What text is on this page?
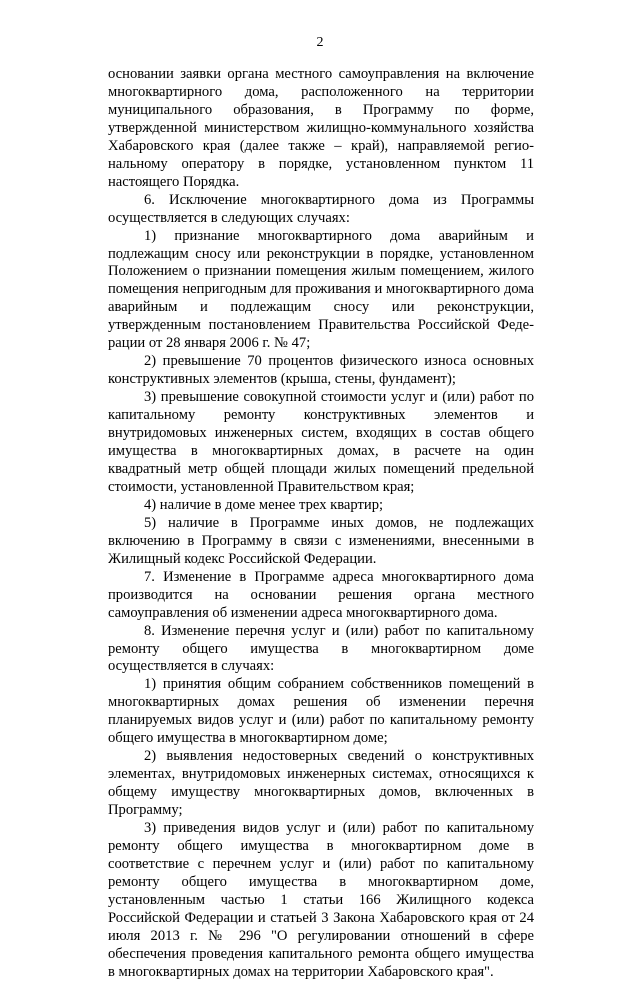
2

основании заявки органа местного самоуправления на включение многоквартирного дома, расположенного на территории муниципального образования, в Программу по форме, утвержденной министерством жилищно-коммунального хозяйства Хабаровского края (далее также – край), направляемой региональному оператору в порядке, установленном пунктом 11 настоящего Порядка.

6. Исключение многоквартирного дома из Программы осуществляется в следующих случаях:

1) признание многоквартирного дома аварийным и подлежащим сносу или реконструкции в порядке, установленном Положением о признании помещения жилым помещением, жилого помещения непригодным для проживания и многоквартирного дома аварийным и подлежащим сносу или реконструкции, утвержденным постановлением Правительства Российской Федерации от 28 января 2006 г. № 47;

2) превышение 70 процентов физического износа основных конструктивных элементов (крыша, стены, фундамент);

3) превышение совокупной стоимости услуг и (или) работ по капитальному ремонту конструктивных элементов и внутридомовых инженерных систем, входящих в состав общего имущества в многоквартирных домах, в расчете на один квадратный метр общей площади жилых помещений предельной стоимости, установленной Правительством края;

4) наличие в доме менее трех квартир;

5) наличие в Программе иных домов, не подлежащих включению в Программу в связи с изменениями, внесенными в Жилищный кодекс Российской Федерации.

7. Изменение в Программе адреса многоквартирного дома производится на основании решения органа местного самоуправления об изменении адреса многоквартирного дома.

8. Изменение перечня услуг и (или) работ по капитальному ремонту общего имущества в многоквартирном доме осуществляется в случаях:

1) принятия общим собранием собственников помещений в многоквартирных домах решения об изменении перечня планируемых видов услуг и (или) работ по капитальному ремонту общего имущества в многоквартирном доме;

2) выявления недостоверных сведений о конструктивных элементах, внутридомовых инженерных системах, относящихся к общему имуществу многоквартирных домов, включенных в Программу;

3) приведения видов услуг и (или) работ по капитальному ремонту общего имущества в многоквартирном доме в соответствие с перечнем услуг и (или) работ по капитальному ремонту общего имущества в многоквартирном доме, установленным частью 1 статьи 166 Жилищного кодекса Российской Федерации и статьей 3 Закона Хабаровского края от 24 июля 2013 г. № 296 "О регулировании отношений в сфере обеспечения проведения капитального ремонта общего имущества в многоквартирных домах на территории Хабаровского края".
